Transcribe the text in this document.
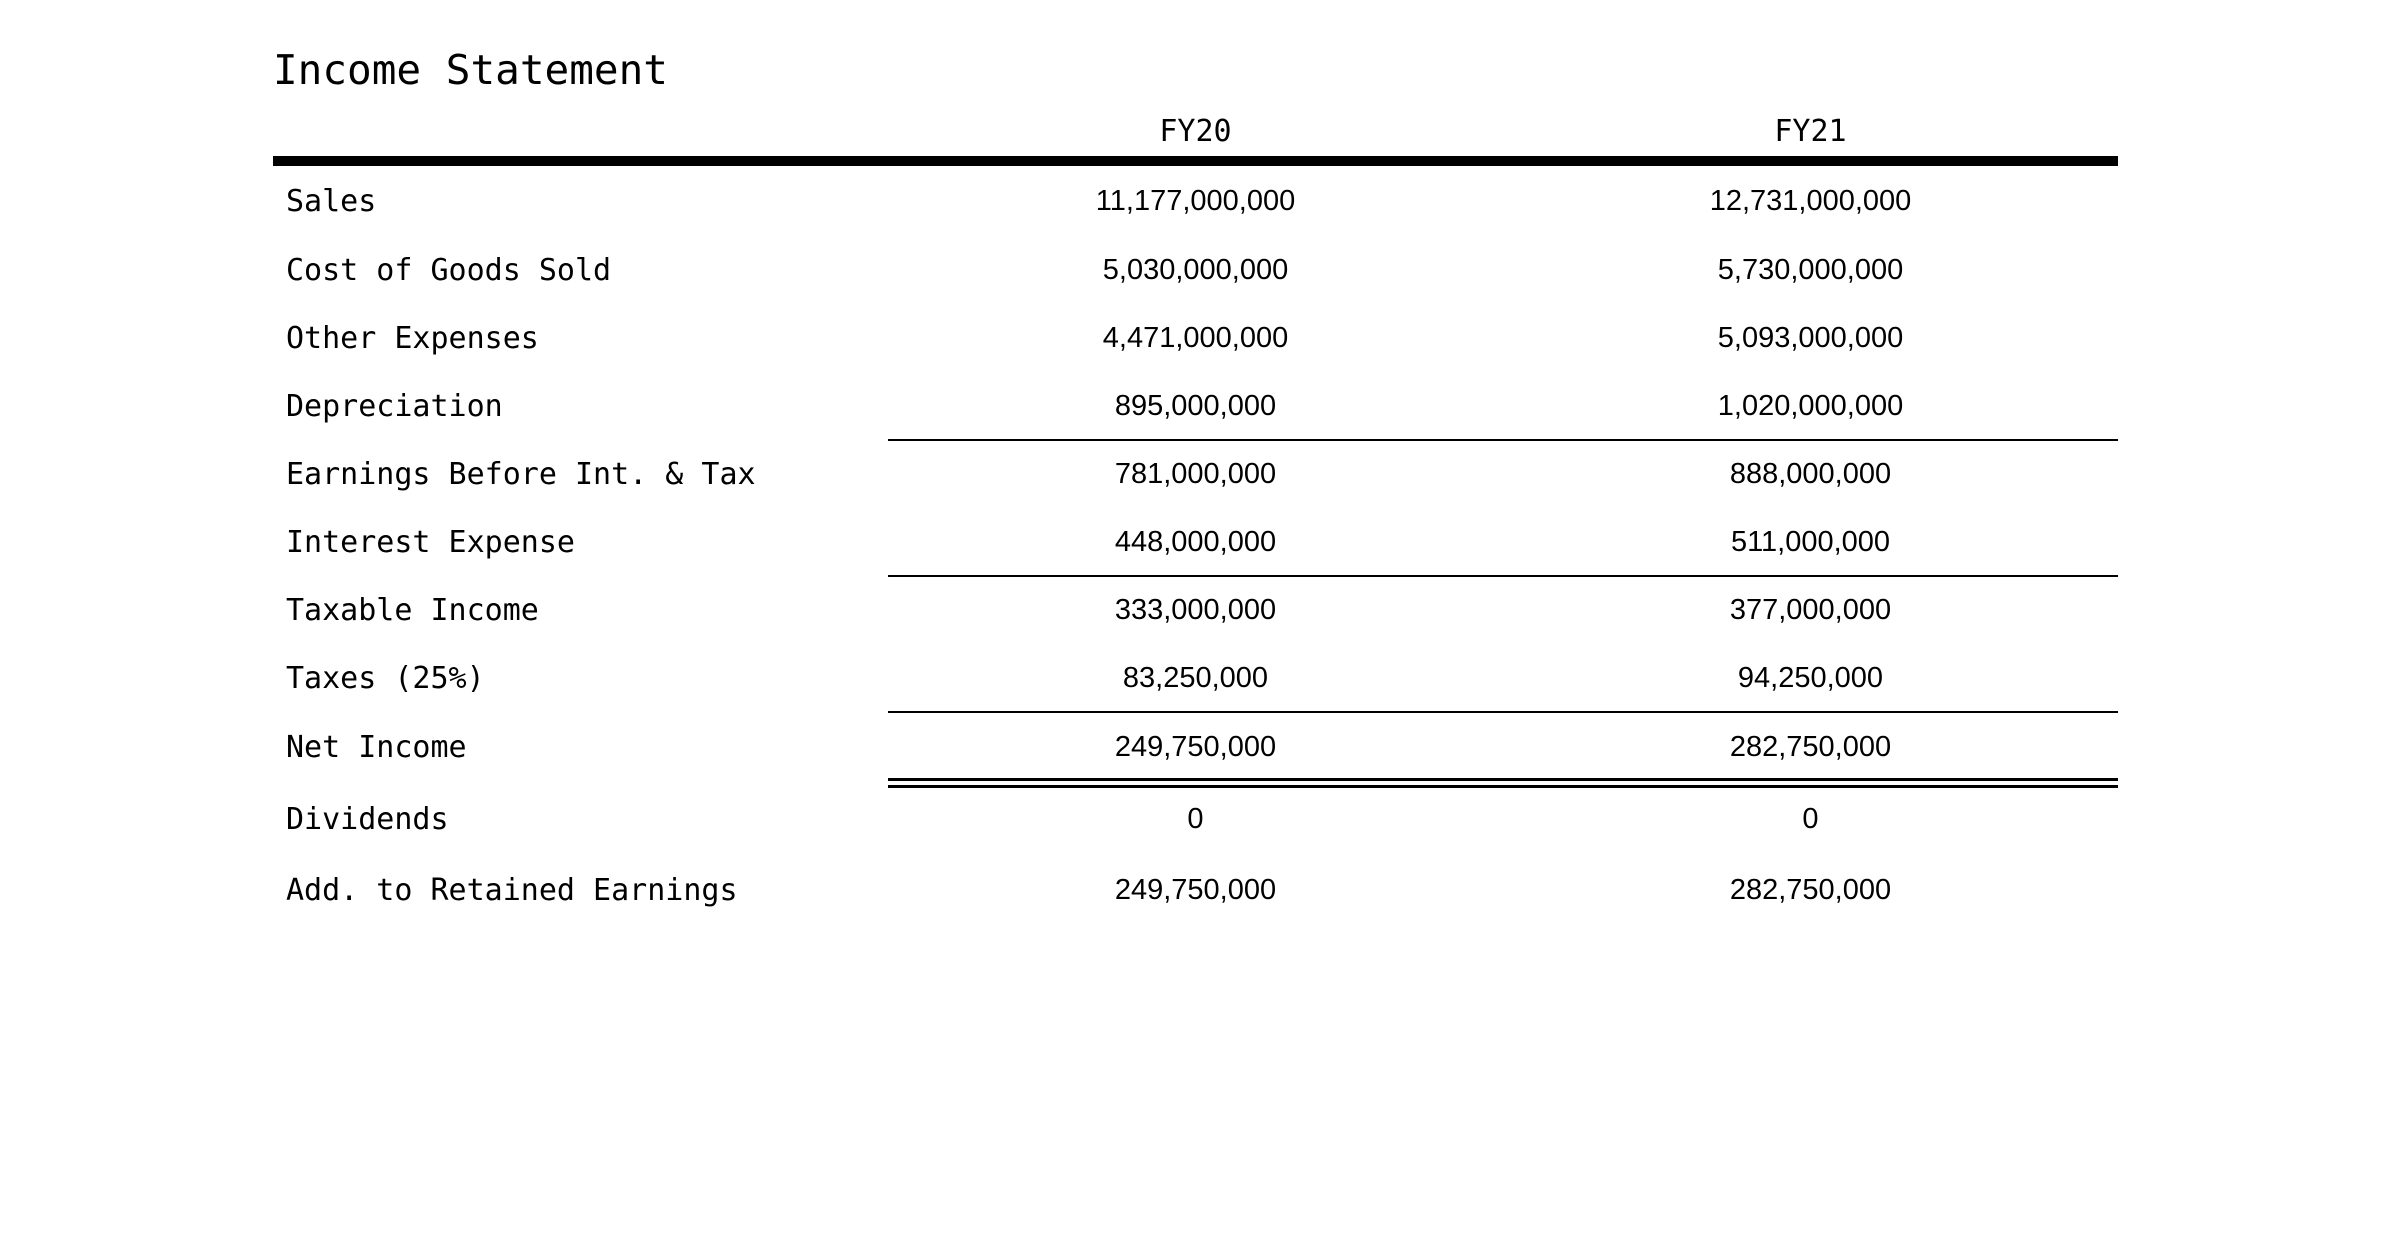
Income Statement
FY20	FY21
Sales	11,177,000,000	12,731,000,000
Cost of Goods Sold	5,030,000,000	5,730,000,000
Other Expenses	4,471,000,000	5,093,000,000
Depreciation	895,000,000	1,020,000,000
Earnings Before Int. & Tax	781,000,000	888,000,000
Interest Expense	448,000,000	511,000,000
Taxable Income	333,000,000	377,000,000
Taxes (25%)	83,250,000	94,250,000
Net Income	249,750,000	282,750,000
Dividends	0	0
Add. to Retained Earnings	249,750,000	282,750,000
